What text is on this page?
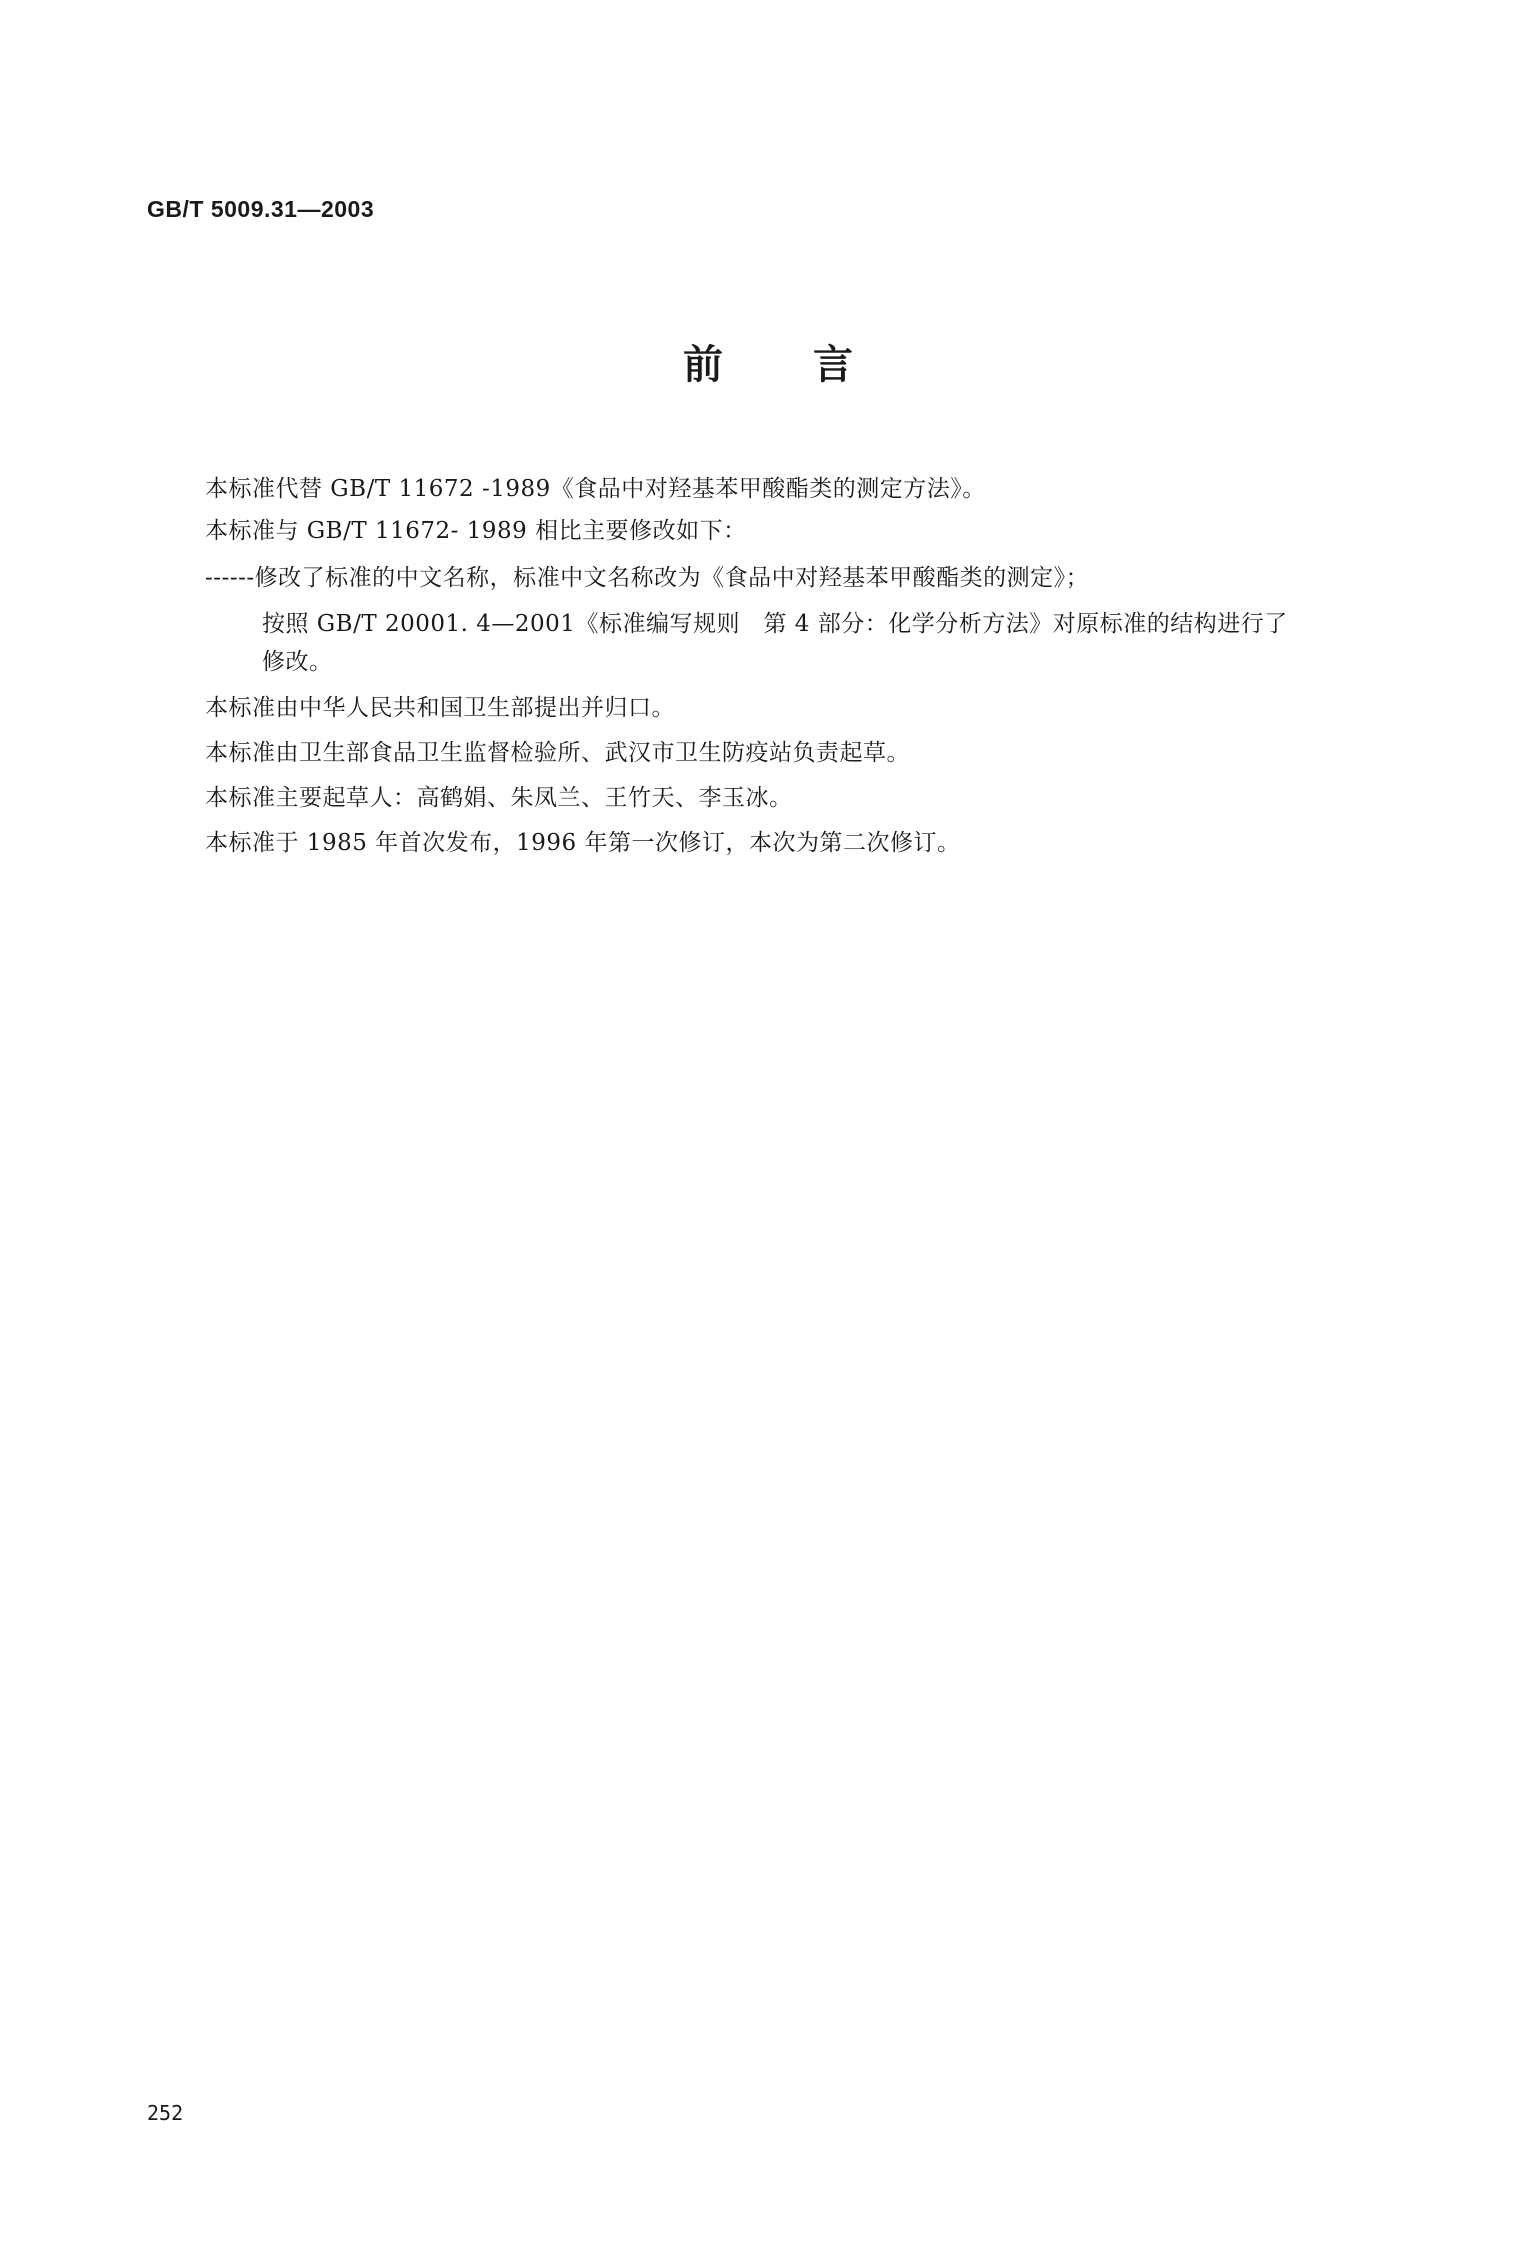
GB/T 5009.31—2003
前言
本标准代替 GB/T 11672 -1989《食品中对羟基苯甲酸酯类的测定方法》。
本标准与 GB/T 11672- 1989 相比主要修改如下：
------修改了标准的中文名称，标准中文名称改为《食品中对羟基苯甲酸酯类的测定》；
按照 GB/T 20001. 4—2001《标准编写规则　第 4 部分：化学分析方法》对原标准的结构进行了
修改。
本标准由中华人民共和国卫生部提出并归口。
本标准由卫生部食品卫生监督检验所、武汉市卫生防疫站负责起草。
本标准主要起草人：高鹤娟、朱凤兰、王竹天、李玉冰。
本标准于 1985 年首次发布，1996 年第一次修订，本次为第二次修订。
252
